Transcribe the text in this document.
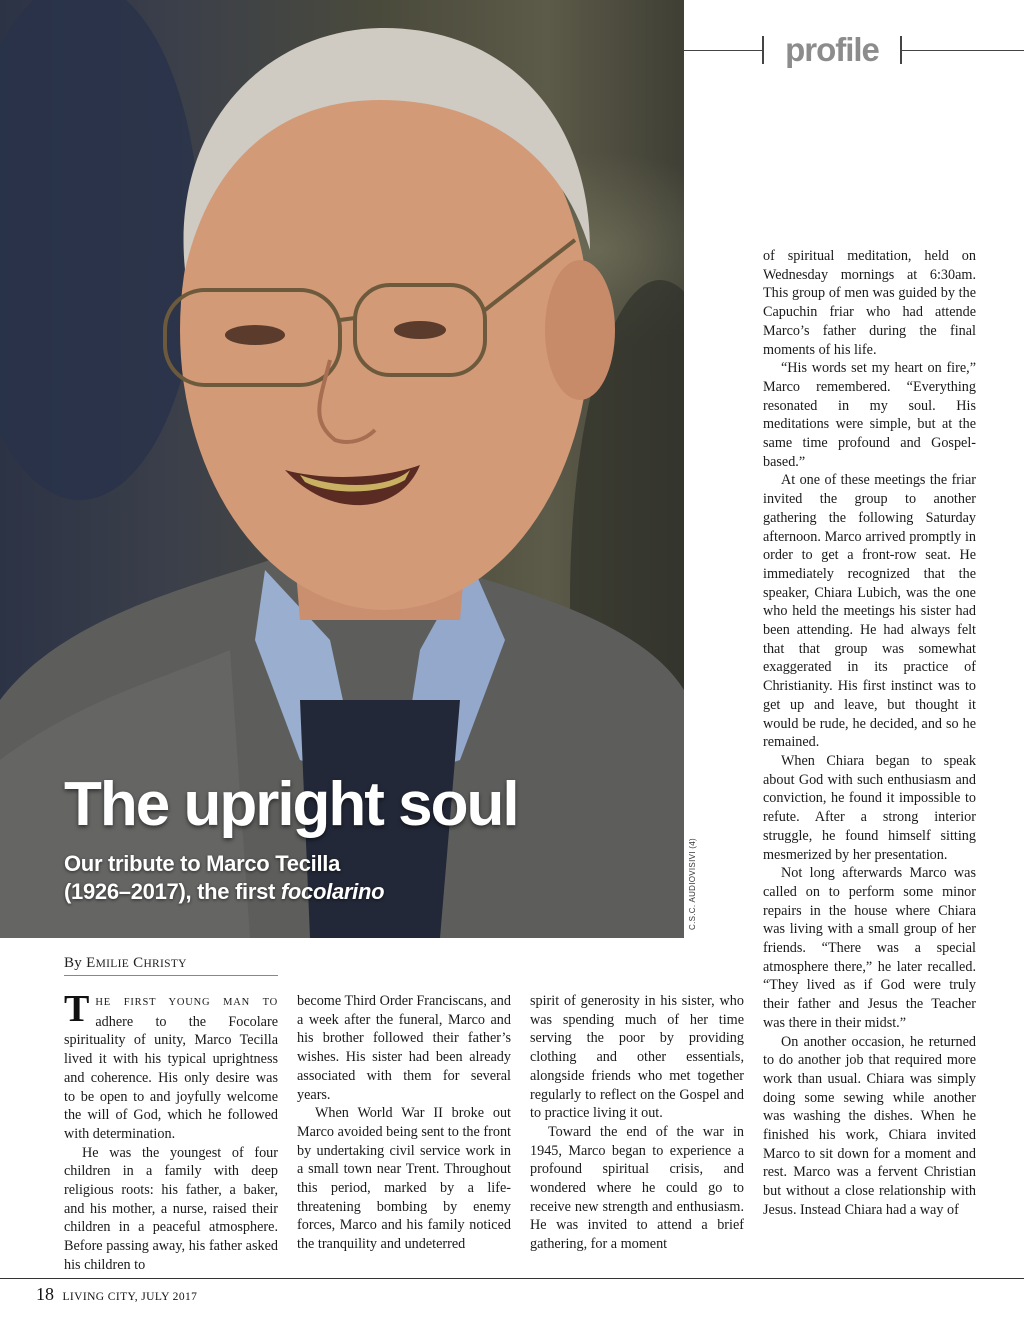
The upright soul

Our tribute to Marco Tecilla
(1926–2017), the first focolarino	C.S.C. AUDIOVISIVI (4)
profile
By EMILIE CHRISTY

THE FIRST YOUNG MAN TO adhere to the Focolare spirituality of unity, Marco Tecilla lived it with his typical uprightness and coherence. His only desire was to be open to and joyfully welcome the will of God, which he followed with determination.

He was the youngest of four children in a family with deep religious roots: his father, a baker, and his mother, a nurse, raised their children in a peaceful atmosphere. Before passing away, his father asked his children to

become Third Order Franciscans, and a week after the funeral, Marco and his brother followed their father’s wishes. His sister had been already associated with them for several years.

When World War II broke out Marco avoided being sent to the front by undertaking civil service work in a small town near Trent. Throughout this period, marked by a life-threatening bombing by enemy forces, Marco and his family noticed the tranquility and undeterred

spirit of generosity in his sister, who was spending much of her time serving the poor by providing clothing and other essentials, alongside friends who met together regularly to reflect on the Gospel and to practice living it out.

Toward the end of the war in 1945, Marco began to experience a profound spiritual crisis, and wondered where he could go to receive new strength and enthusiasm. He was invited to attend a brief gathering, for a moment

of spiritual meditation, held on Wednesday mornings at 6:30am. This group of men was guided by the Capuchin friar who had attende Marco’s father during the final moments of his life.

“His words set my heart on fire,” Marco remembered. “Everything resonated in my soul. His meditations were simple, but at the same time profound and Gospel-based.”

At one of these meetings the friar invited the group to another gathering the following Saturday afternoon. Marco arrived promptly in order to get a front-row seat. He immediately recognized that the speaker, Chiara Lubich, was the one who held the meetings his sister had been attending. He had always felt that that group was somewhat exaggerated in its practice of Christianity. His first instinct was to get up and leave, but thought it would be rude, he decided, and so he remained.

When Chiara began to speak about God with such enthusiasm and conviction, he found it impossible to refute. After a strong interior struggle, he found himself sitting mesmerized by her presentation.

Not long afterwards Marco was called on to perform some minor repairs in the house where Chiara was living with a small group of her friends. “There was a special atmosphere there,” he later recalled. “They lived as if God were truly their father and Jesus the Teacher was there in their midst.”

On another occasion, he returned to do another job that required more work than usual. Chiara was simply doing some sewing while another was washing the dishes. When he finished his work, Chiara invited Marco to sit down for a moment and rest. Marco was a fervent Christian but without a close relationship with Jesus. Instead Chiara had a way of

18 LIVING CITY, JULY 2017
